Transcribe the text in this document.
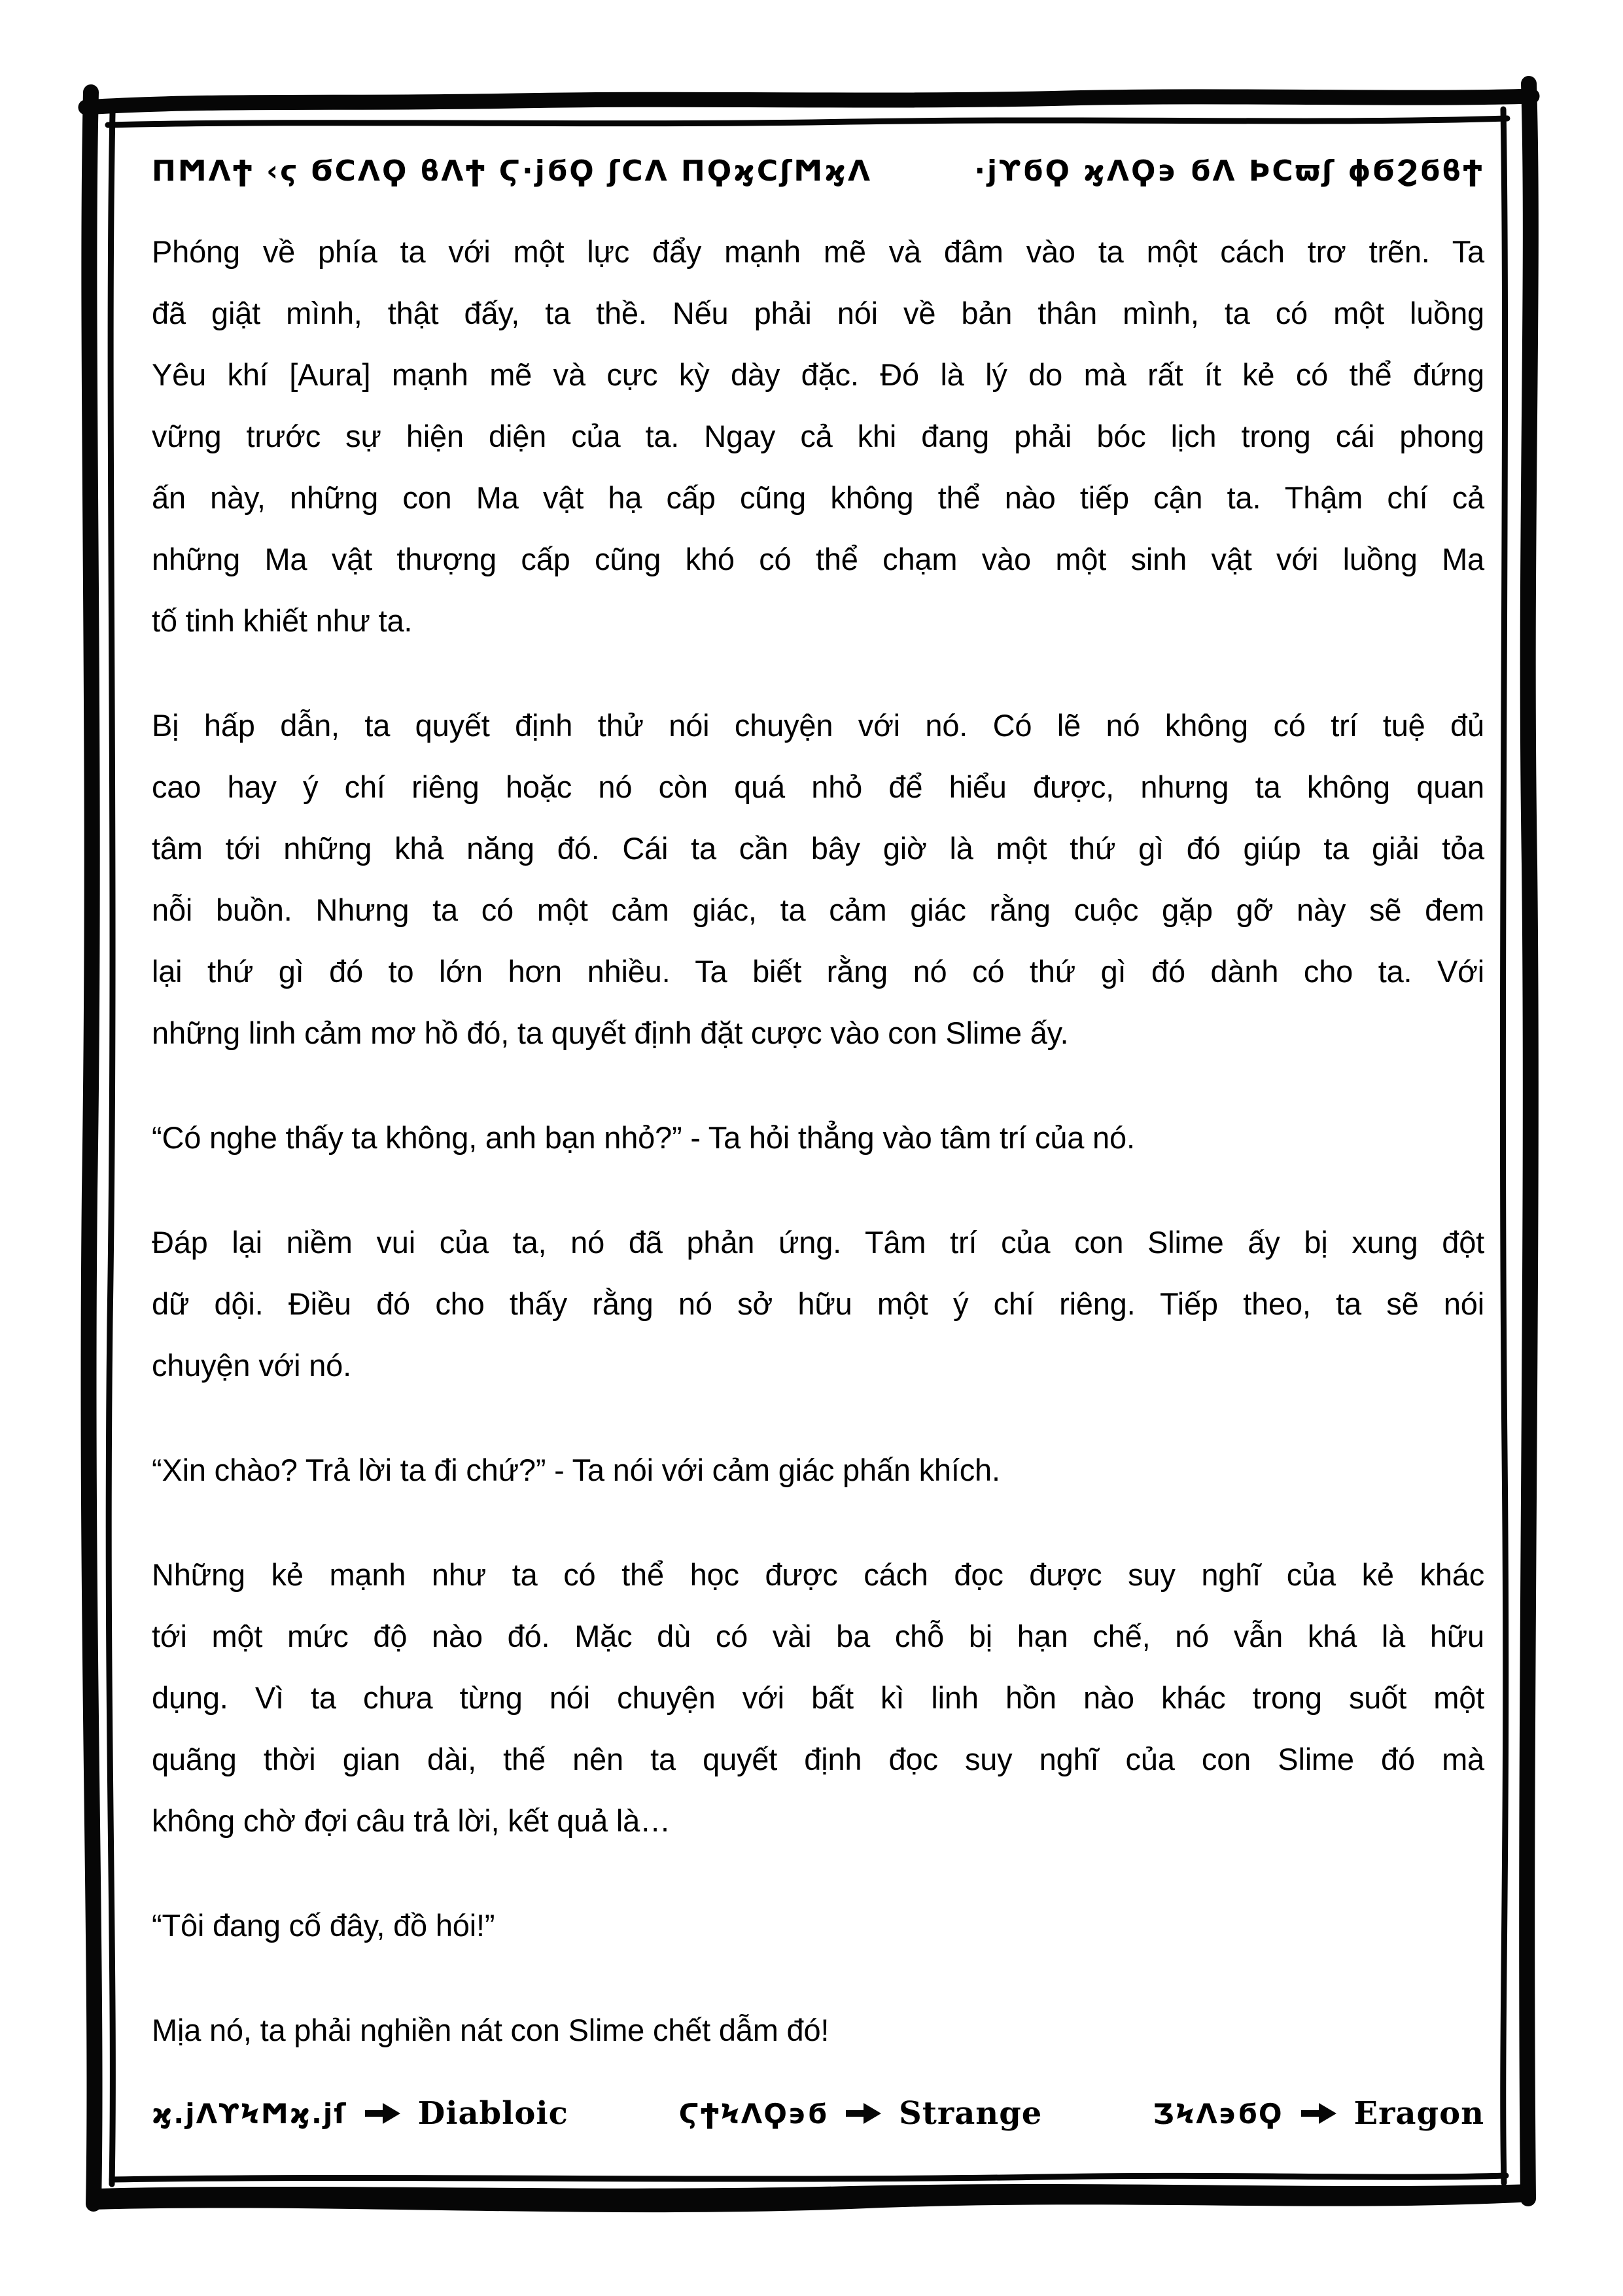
ΠϺΛϮ ‹ϛ ϬCΛϘ ϐΛϮ Ϛ·ϳϭϘ ʃCΛ ΠϘϗCʃϺϗΛ	·ϳϒϭϘ ϗΛϘ϶ ϭΛ ϷCϖʃ ϕϬϨϭϐϮ
Phóng về phía ta với một lực đẩy mạnh mẽ và đâm vào ta một cách trơ trẽn. Ta
đã giật mình, thật đấy, ta thề. Nếu phải nói về bản thân mình, ta có một luồng
Yêu khí [Aura] mạnh mẽ và cực kỳ dày đặc. Đó là lý do mà rất ít kẻ có thể đứng
vững trước sự hiện diện của ta. Ngay cả khi đang phải bóc lịch trong cái phong
ấn này, những con Ma vật hạ cấp cũng không thể nào tiếp cận ta. Thậm chí cả
những Ma vật thượng cấp cũng khó có thể chạm vào một sinh vật với luồng Ma
tố tinh khiết như ta.
Bị hấp dẫn, ta quyết định thử nói chuyện với nó. Có lẽ nó không có trí tuệ đủ
cao hay ý chí riêng hoặc nó còn quá nhỏ để hiểu được, nhưng ta không quan
tâm tới những khả năng đó. Cái ta cần bây giờ là một thứ gì đó giúp ta giải tỏa
nỗi buồn. Nhưng ta có một cảm giác, ta cảm giác rằng cuộc gặp gỡ này sẽ đem
lại thứ gì đó to lớn hơn nhiều. Ta biết rằng nó có thứ gì đó dành cho ta. Với
những linh cảm mơ hồ đó, ta quyết định đặt cược vào con Slime ấy.
“Có nghe thấy ta không, anh bạn nhỏ?” - Ta hỏi thẳng vào tâm trí của nó.
Đáp lại niềm vui của ta, nó đã phản ứng. Tâm trí của con Slime ấy bị xung đột
dữ dội. Điều đó cho thấy rằng nó sở hữu một ý chí riêng. Tiếp theo, ta sẽ nói
chuyện với nó.
“Xin chào? Trả lời ta đi chứ?” - Ta nói với cảm giác phấn khích.
Những kẻ mạnh như ta có thể học được cách đọc được suy nghĩ của kẻ khác
tới một mức độ nào đó. Mặc dù có vài ba chỗ bị hạn chế, nó vẫn khá là hữu
dụng. Vì ta chưa từng nói chuyện với bất kì linh hồn nào khác trong suốt một
quãng thời gian dài, thế nên ta quyết định đọc suy nghĩ của con Slime đó mà
không chờ đợi câu trả lời, kết quả là…
“Tôi đang cố đây, đồ hói!”
Mịa nó, ta phải nghiền nát con Slime chết dẫm đó!
ϗ.ϳΛϒϞϺϗ.ϳſ Diabloic	ϚϮϞΛϘ϶ϭ Strange	ƷϞΛ϶ϭϘ Eragon
